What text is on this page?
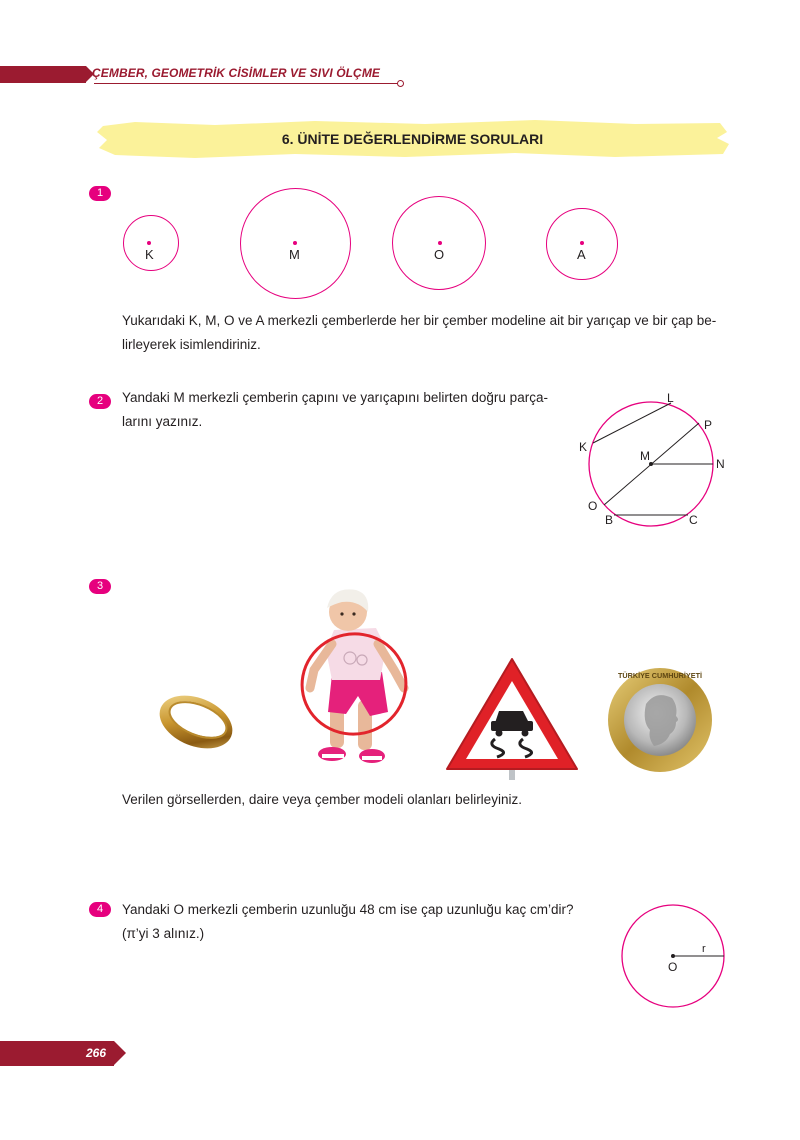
ÇEMBER, GEOMETRİK CİSİMLER VE SIVI ÖLÇME
6. ÜNİTE DEĞERLENDİRME SORULARI
1
K	M	O	A
Yukarıdaki K, M, O ve A merkezli çemberlerde her bir çember modeline ait bir yarıçap ve bir çap be-
lirleyerek isimlendiriniz.
2	Yandaki M merkezli çemberin çapını ve yarıçapını belirten doğru parça-
larını yazınız.
L
P
K
M
N
O
B	C
3
TÜRKİYE CUMHURİYETİ
Verilen görsellerden, daire veya çember modeli olanları belirleyiniz.
4	Yandaki O merkezli çemberin uzunluğu 48 cm ise çap uzunluğu kaç cm’dir?
(π’yi 3 alınız.)
r
O
266
